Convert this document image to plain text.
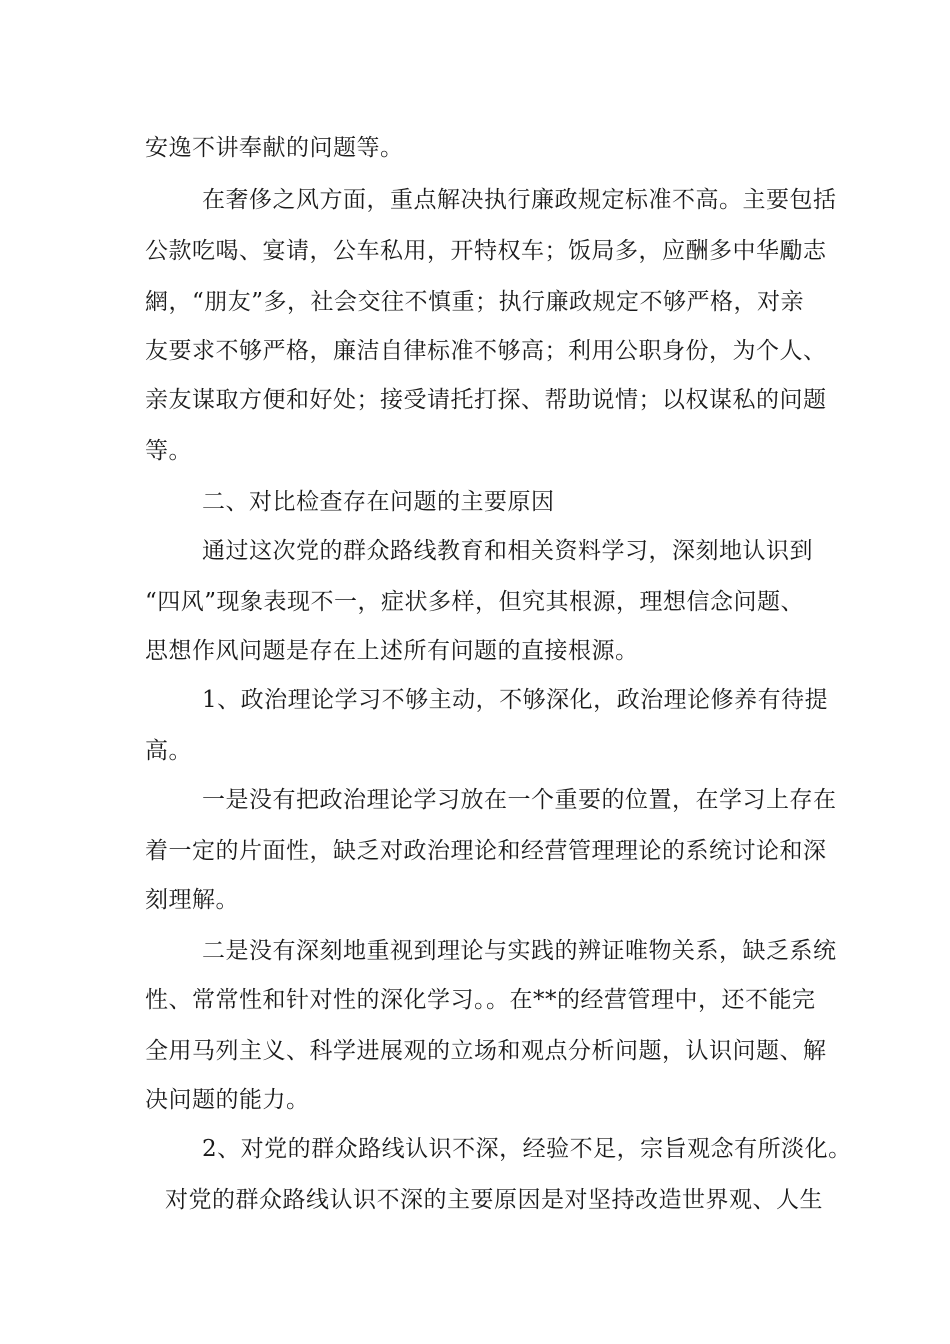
安逸不讲奉献的问题等。
在奢侈之风方面，重点解决执行廉政规定标准不高。主要包括
公款吃喝、宴请，公车私用，开特权车；饭局多，应酬多中华勵志
網，“朋友”多，社会交往不慎重；执行廉政规定不够严格，对亲
友要求不够严格，廉洁自律标准不够高；利用公职身份，为个人、
亲友谋取方便和好处；接受请托打探、帮助说情；以权谋私的问题
等。
二、对比检查存在问题的主要原因
通过这次党的群众路线教育和相关资料学习，深刻地认识到
“四风”现象表现不一，症状多样，但究其根源，理想信念问题、
思想作风问题是存在上述所有问题的直接根源。
1、政治理论学习不够主动，不够深化，政治理论修养有待提
高。
一是没有把政治理论学习放在一个重要的位置，在学习上存在
着一定的片面性，缺乏对政治理论和经营管理理论的系统讨论和深
刻理解。
二是没有深刻地重视到理论与实践的辨证唯物关系，缺乏系统
性、常常性和针对性的深化学习。。在**的经营管理中，还不能完
全用马列主义、科学进展观的立场和观点分析问题，认识问题、解
决问题的能力。
2、对党的群众路线认识不深，经验不足，宗旨观念有所淡化。
对党的群众路线认识不深的主要原因是对坚持改造世界观、人生
